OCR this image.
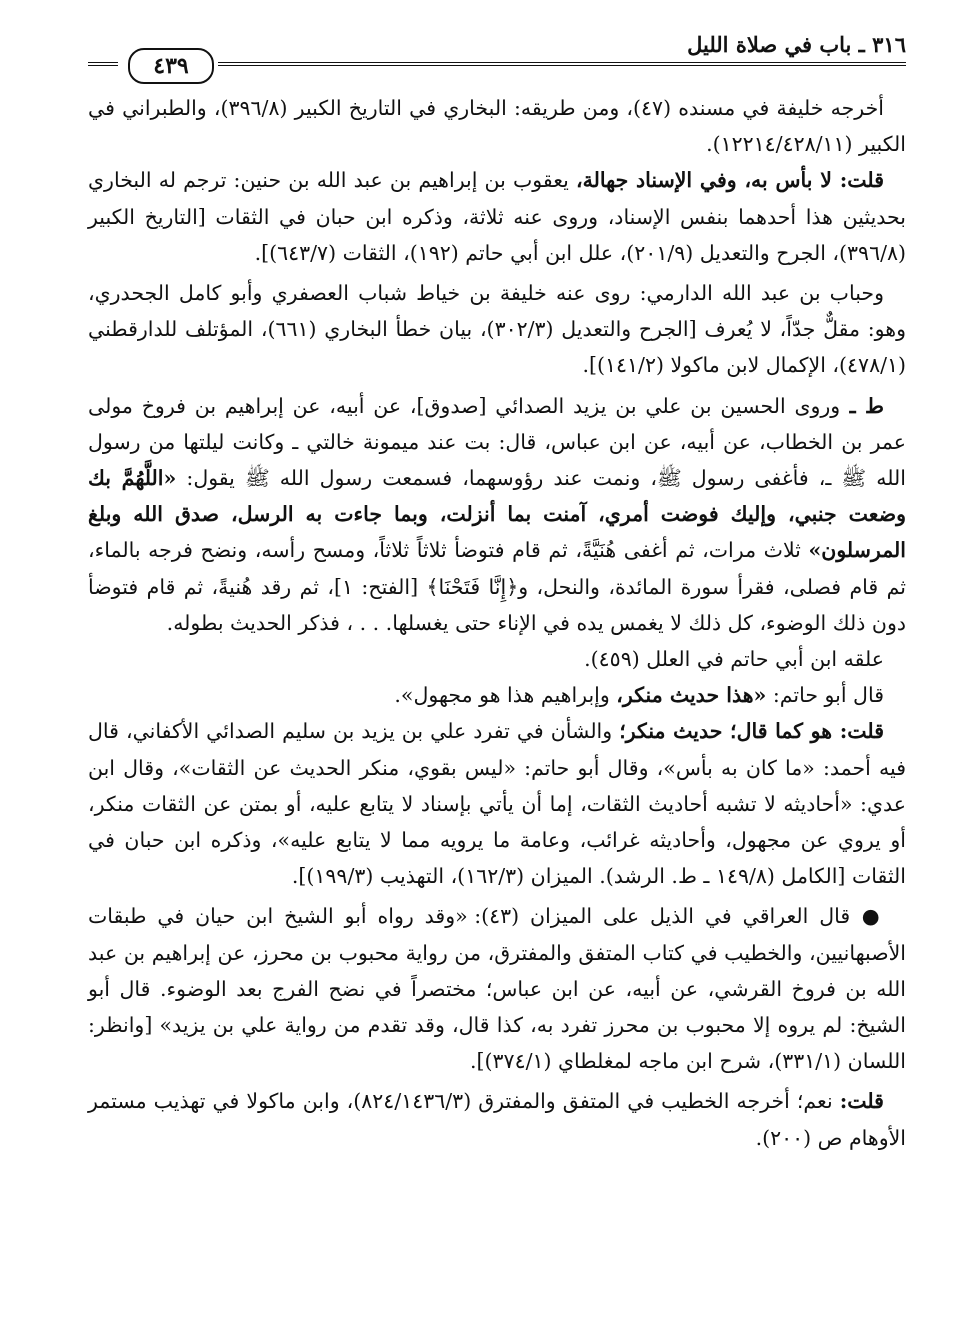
٣١٦ ـ باب في صلاة الليل
٤٣٩

أخرجه خليفة في مسنده (٤٧)، ومن طريقه: البخاري في التاريخ الكبير (٣٩٦/٨)، والطبراني في الكبير (١٢٢١٤/٤٢٨/١١).

قلت: لا بأس به، وفي الإسناد جهالة، يعقوب بن إبراهيم بن عبد الله بن حنين: ترجم له البخاري بحديثين هذا أحدهما بنفس الإسناد، وروى عنه ثلاثة، وذكره ابن حبان في الثقات [التاريخ الكبير (٣٩٦/٨)، الجرح والتعديل (٢٠١/٩)، علل ابن أبي حاتم (١٩٢)، الثقات (٦٤٣/٧)].

وحباب بن عبد الله الدارمي: روى عنه خليفة بن خياط شباب العصفري وأبو كامل الجحدري، وهو: مقلٌّ جدّاً، لا يُعرف [الجرح والتعديل (٣٠٢/٣)، بيان خطأ البخاري (٦٦١)، المؤتلف للدارقطني (٤٧٨/١)، الإكمال لابن ماكولا (١٤١/٢)].

ط ـ وروى الحسين بن علي بن يزيد الصدائي [صدوق]، عن أبيه، عن إبراهيم بن فروخ مولى عمر بن الخطاب، عن أبيه، عن ابن عباس، قال: بت عند ميمونة خالتي ـ وكانت ليلتها من رسول الله ﷺ ـ، فأغفى رسول ﷺ، ونمت عند رؤوسهما، فسمعت رسول الله ﷺ يقول: «اللَّهُمَّ بك وضعت جنبي، وإليك فوضت أمري، آمنت بما أنزلت، وبما جاءت به الرسل، صدق الله وبلغ المرسلون» ثلاث مرات، ثم أغفى هُنَيَّةً، ثم قام فتوضأ ثلاثاً ثلاثاً، ومسح رأسه، ونضح فرجه بالماء، ثم قام فصلى، فقرأ سورة المائدة، والنحل، و﴿إِنَّا فَتَحْنَا﴾ [الفتح: ١]، ثم رقد هُنيةً، ثم قام فتوضأ دون ذلك الوضوء، كل ذلك لا يغمس يده في الإناء حتى يغسلها. . . ، فذكر الحديث بطوله.

علقه ابن أبي حاتم في العلل (٤٥٩).

قال أبو حاتم: «هذا حديث منكر، وإبراهيم هذا هو مجهول».

قلت: هو كما قال؛ حديث منكر؛ والشأن في تفرد علي بن يزيد بن سليم الصدائي الأكفاني، قال فيه أحمد: «ما كان به بأس»، وقال أبو حاتم: «ليس بقوي، منكر الحديث عن الثقات»، وقال ابن عدي: «أحاديثه لا تشبه أحاديث الثقات، إما أن يأتي بإسناد لا يتابع عليه، أو بمتن عن الثقات منكر، أو يروي عن مجهول، وأحاديثه غرائب، وعامة ما يرويه مما لا يتابع عليه»، وذكره ابن حبان في الثقات [الكامل (١٤٩/٨ ـ ط. الرشد). الميزان (١٦٢/٣)، التهذيب (١٩٩/٣)].

● قال العراقي في الذيل على الميزان (٤٣): «وقد رواه أبو الشيخ ابن حيان في طبقات الأصبهانيين، والخطيب في كتاب المتفق والمفترق، من رواية محبوب بن محرز، عن إبراهيم بن عبد الله بن فروخ القرشي، عن أبيه، عن ابن عباس؛ مختصراً في نضح الفرج بعد الوضوء. قال أبو الشيخ: لم يروه إلا محبوب بن محرز تفرد به، كذا قال، وقد تقدم من رواية علي بن يزيد» [وانظر: اللسان (٣٣١/١)، شرح ابن ماجه لمغلطاي (٣٧٤/١)].

قلت: نعم؛ أخرجه الخطيب في المتفق والمفترق (٨٢٤/١٤٣٦/٣)، وابن ماكولا في تهذيب مستمر الأوهام ص (٢٠٠).
